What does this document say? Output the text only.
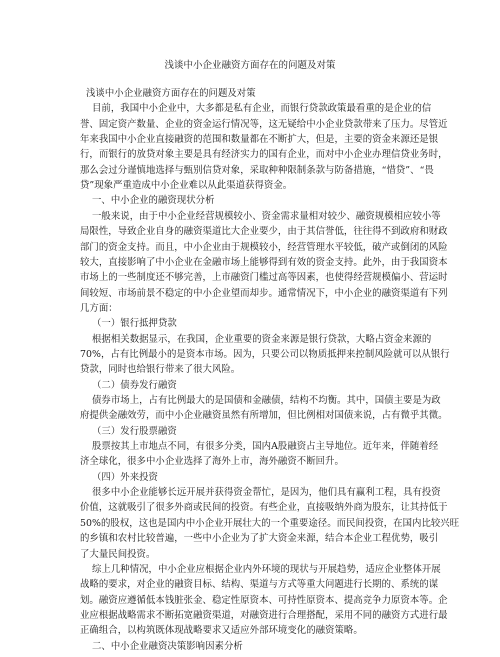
浅谈中小企业融资方面存在的问题及对策
浅谈中小企业融资方面存在的问题及对策
目前，我国中小企业中，大多都是私有企业，而银行贷款政策最看重的是企业的信
誉、固定资产数量、企业的资金运行情况等，这无疑给中小企业贷款带来了压力。尽管近
年来我国中小企业直接融资的范围和数量都在不断扩大，但是，主要的资金来源还是银
行，而银行的放贷对象主要是具有经济实力的国有企业，而对中小企业办理信贷业务时，
那么会过分谨慎地选择与甄别信贷对象，采取种种限制条款与防备措施，“惜贷”、“畏
贷”现象严重造成中小企业难以从此渠道获得资金。
一、中小企业的融资现状分析
一般来说，由于中小企业经营规模较小、资金需求量相对较少、融资规模相应较小等
局限性，导致企业自身的融资渠道比大企业要少，由于其信誉低，往往得不到政府和财政
部门的资金支持。而且，中小企业由于规模较小，经营管理水平较低，破产或倒闭的风险
较大，直接影响了中小企业在金融市场上能够得到有效的资金支持。此外，由于我国资本
市场上的一些制度还不够完善，上市融资门槛过高等因素，也使得经营规模偏小、营运时
间较短、市场前景不稳定的中小企业望而却步。通常情况下，中小企业的融资渠道有下列
几方面：
（一）银行抵押贷款
根据相关数据显示，在我国，企业重要的资金来源是银行贷款，大略占资金来源的
70%，占有比例最小的是资本市场。因为，只要公司以物质抵押来控制风险就可以从银行
贷款，同时也给银行带来了很大风险。
（二）债券发行融资
债券市场上，占有比例最大的是国债和金融债，结构不均衡。其中，国债主要是为政
府提供金融效劳，而中小企业融资虽然有所增加，但比例相对国债来说，占有微乎其微。
（三）发行股票融资
股票按其上市地点不同，有很多分类，国内A股融资占主导地位。近年来，伴随着经
济全球化，很多中小企业选择了海外上市，海外融资不断回升。
（四）外来投资
很多中小企业能够长远开展并获得资金帮忙，是因为，他们具有赢利工程，具有投资
价值，这就吸引了很多外商或民间的投资。有些企业，直接吸纳外商为股东，让其持低于
50%的股权，这也是国内中小企业开展壮大的一个重要途径。而民间投资，在国内比较兴旺
的乡镇和农村比较普遍，一些中小企业为了扩大资金来源，结合本企业工程优势，吸引
了大量民间投资。
综上几种情况，中小企业应根据企业内外环境的现状与开展趋势，适应企业整体开展
战略的要求，对企业的融资目标、结构、渠道与方式等重大问题进行长期的、系统的谋
划。融资应遵循低本钱脏张金、稳定性原资本、可持性原资本、提高竞争力原资本等。企
业应根据战略需求不断拓宽融资渠道，对融资进行合理搭配，采用不同的融资方式进行最
正确组合，以构筑既体现战略要求又适应外部环境变化的融资策略。
二、中小企业融资决策影响因素分析
